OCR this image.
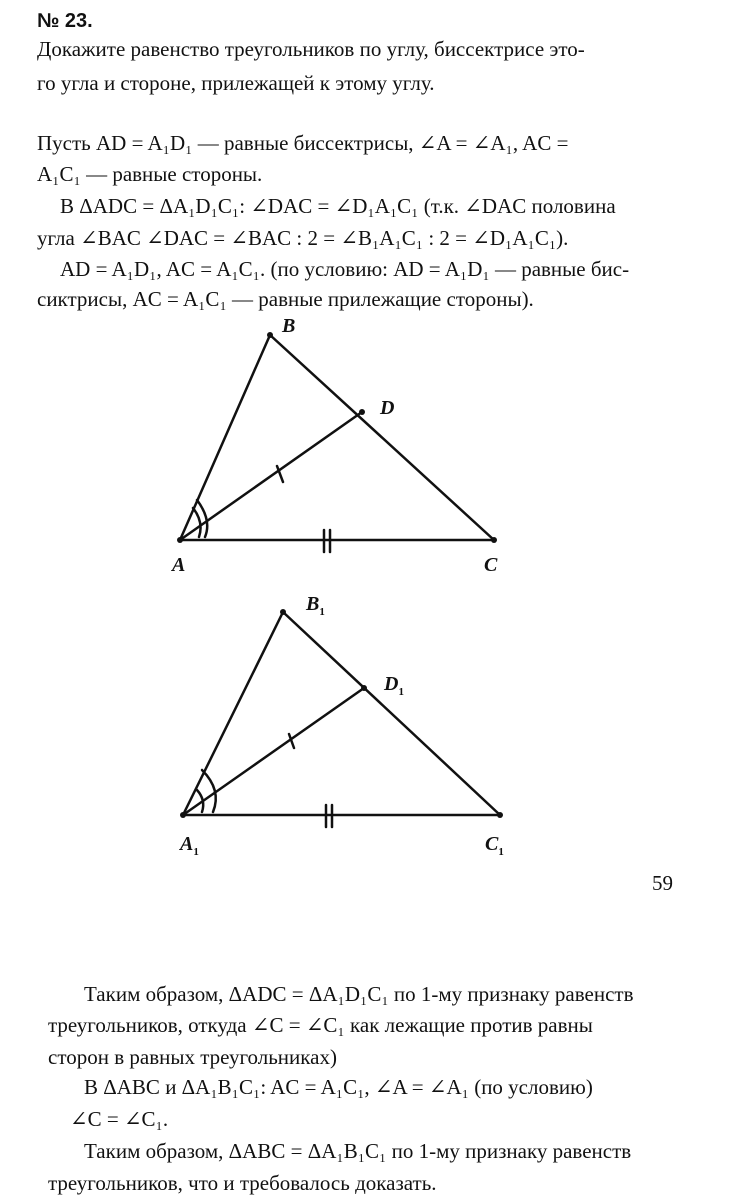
№ 23.
Докажите равенство треугольников по углу, биссектрисе это-
го угла и стороне, прилежащей к этому углу.
Пусть AD = A₁D₁ — равные биссектрисы, ∠A = ∠A₁, AC =
A₁C₁ — равные стороны.
В ΔADC = ΔA₁D₁C₁: ∠DAC = ∠D₁A₁C₁ (т.к. ∠DAC половина
угла ∠BAC ∠DAC = ∠BAC : 2 = ∠B₁A₁C₁ : 2 = ∠D₁A₁C₁).
AD = A₁D₁, AC = A₁C₁. (по условию: AD = A₁D₁ — равные бис-
сиктрисы, AC = A₁C₁ — равные прилежащие стороны).
B
D
A	C
$B_1$
$D_1$
$A_1$	$C_1$
59
Таким образом, ΔADC = ΔA₁D₁C₁ по 1-му признаку равенств
треугольников, откуда ∠C = ∠C₁ как лежащие против равны
сторон в равных треугольниках)
В ΔABC и ΔA₁B₁C₁: AC = A₁C₁, ∠A = ∠A₁ (по условию)
∠C = ∠C₁.
Таким образом, ΔABC = ΔA₁B₁C₁ по 1-му признаку равенств
треугольников, что и требовалось доказать.
